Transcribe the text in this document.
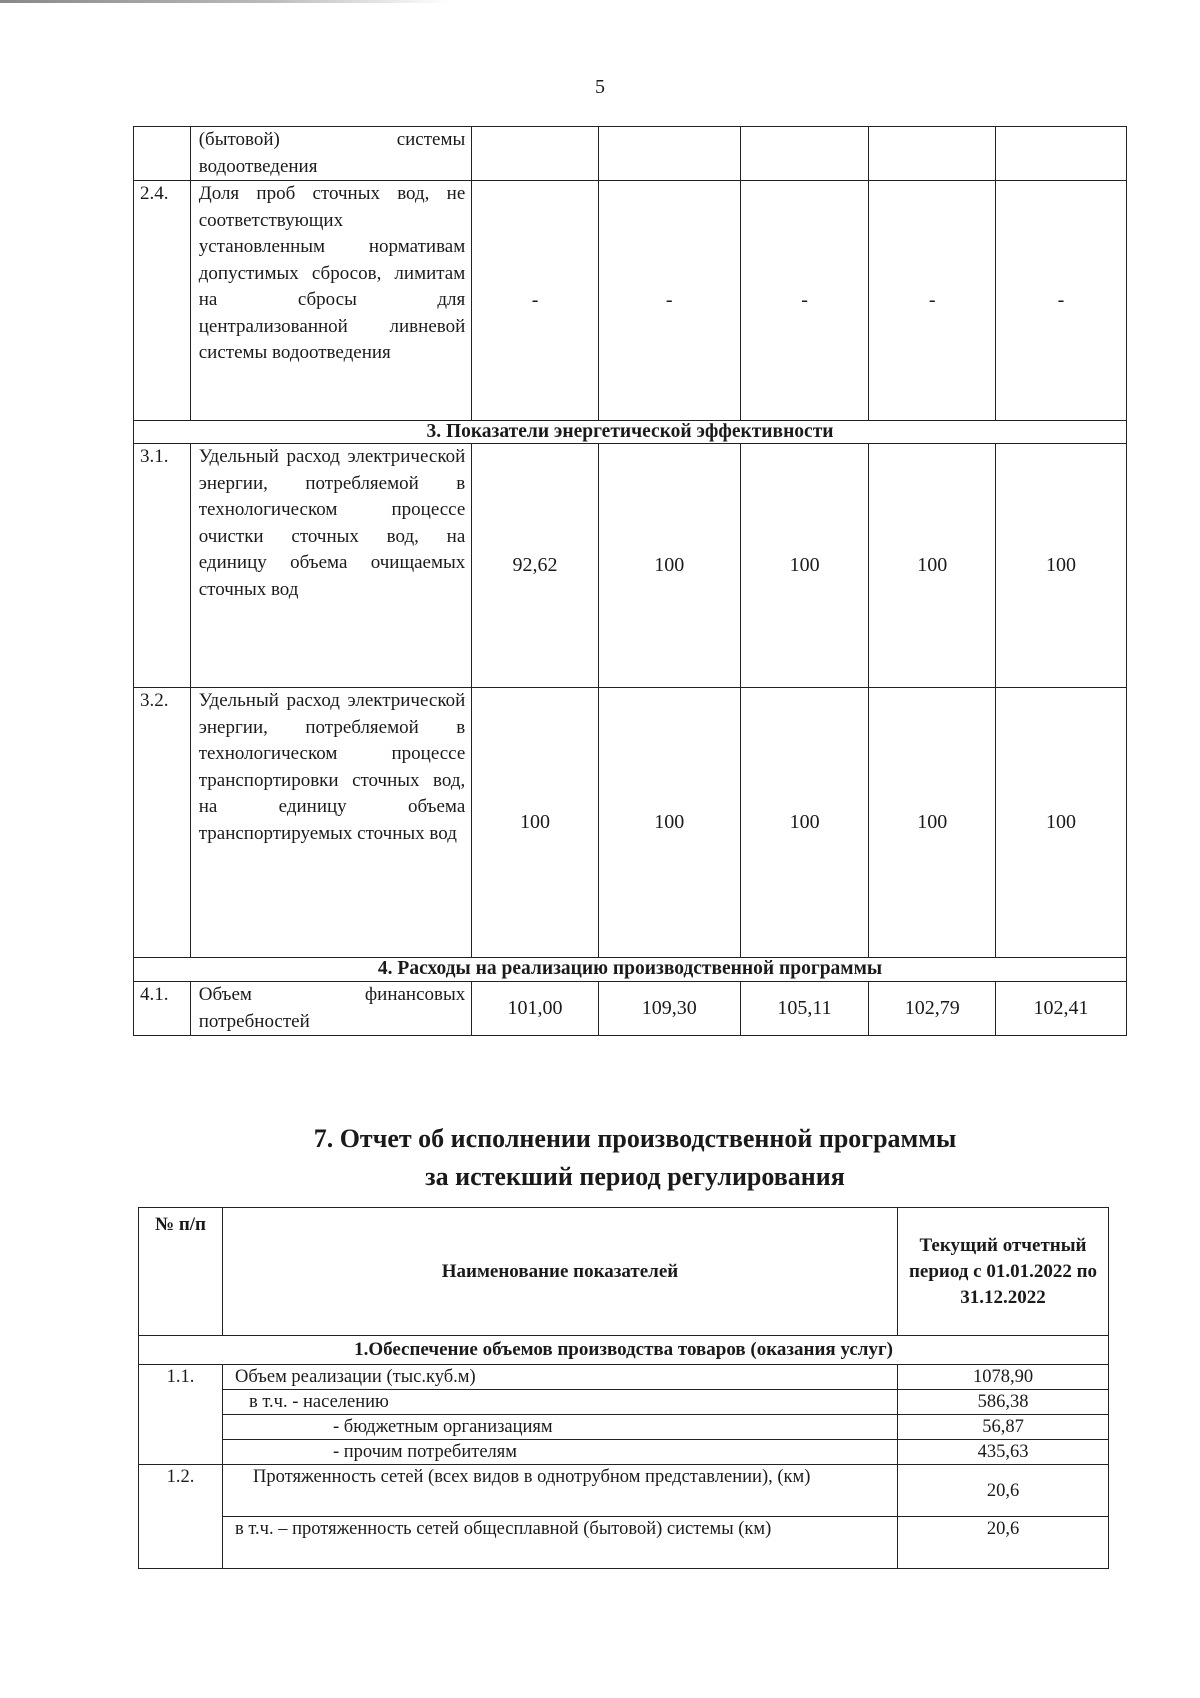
5
	(бытовой) системы водоотведения					
2.4.	Доля проб сточных вод, не соответствующих установленным нормативам допустимых сбросов, лимитам на сбросы для централизованной ливневой системы водоотведения	-	-	-	-	-
3. Показатели энергетической эффективности						
3.1.	Удельный расход электрической энергии, потребляемой в технологическом процессе очистки сточных вод, на единицу объема очищаемых сточных вод	92,62	100	100	100	100
3.2.	Удельный расход электрической энергии, потребляемой в технологическом процессе транспортировки сточных вод, на единицу объема транспортируемых сточных вод	100	100	100	100	100
4. Расходы на реализацию производственной программы						
4.1.	Объем финансовых потребностей	101,00	109,30	105,11	102,79	102,41
7. Отчет об исполнении производственной программы
за истекший период регулирования
№ п/п	Наименование показателей	Текущий отчетный период с 01.01.2022 по 31.12.2022
1.Обеспечение объемов производства товаров (оказания услуг)		
1.1.	Объем реализации (тыс.куб.м)	1078,90
	в т.ч. - населению	586,38
	- бюджетным организациям	56,87
	- прочим потребителям	435,63
1.2.	Протяженность сетей (всех видов в однотрубном представлении), (км)	20,6
	в т.ч. – протяженность сетей общесплавной (бытовой) системы (км)	20,6
